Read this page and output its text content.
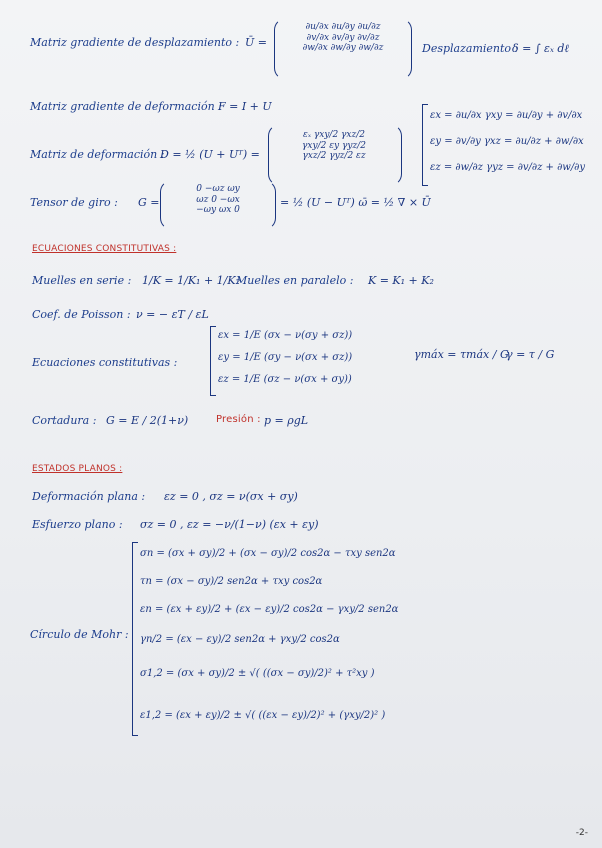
Matriz gradiente de desplazamiento : Ū =
∂u/∂x ∂u/∂y ∂u/∂z
∂v/∂x ∂v/∂y ∂v/∂z
∂w/∂x ∂w/∂y ∂w/∂z	Desplazamiento :
δ = ∫ εₓ dℓ
Matriz gradiente de deformación :
F = I + U
εx = ∂u/∂x γxy = ∂u/∂y + ∂v/∂x
εy = ∂v/∂y γxz = ∂u/∂z + ∂w/∂x
εz = ∂w/∂z γyz = ∂v/∂z + ∂w/∂y
Matriz de deformación :
D = ½ (U + Uᵀ) =
εₓ γxy/2 γxz/2
γxy/2 εy γyz/2
γxz/2 γyz/2 εz
Tensor de giro : G =
0 −ωz ωy
ωz 0 −ωx
−ωy ωx 0
= ½ (U − Uᵀ) ω̄ = ½ ∇ × Ū
ECUACIONES CONSTITUTIVAS :
Muelles en serie : 1/K = 1/K₁ + 1/K₂
Muelles en paralelo : K = K₁ + K₂
Coef. de Poisson : ν = − εT / εL
Ecuaciones constitutivas :
εx = 1/E (σx − ν(σy + σz))
εy = 1/E (σy − ν(σx + σz))
εz = 1/E (σz − ν(σx + σy))
γmáx = τmáx / G
γ = τ / G
Cortadura : G = E / 2(1+ν)	Presión : p = ρgL
ESTADOS PLANOS :
Deformación plana : εz = 0 , σz = ν(σx + σy)
Esfuerzo plano : σz = 0 , εz = −ν/(1−ν) (εx + εy)
Círculo de Mohr :
σn = (σx + σy)/2 + (σx − σy)/2 cos2α − τxy sen2α
τn = (σx − σy)/2 sen2α + τxy cos2α
εn = (εx + εy)/2 + (εx − εy)/2 cos2α − γxy/2 sen2α
γn/2 = (εx − εy)/2 sen2α + γxy/2 cos2α
σ1,2 = (σx + σy)/2 ± √( ((σx − σy)/2)² + τ²xy )
ε1,2 = (εx + εy)/2 ± √( ((εx − εy)/2)² + (γxy/2)² )
-2-
